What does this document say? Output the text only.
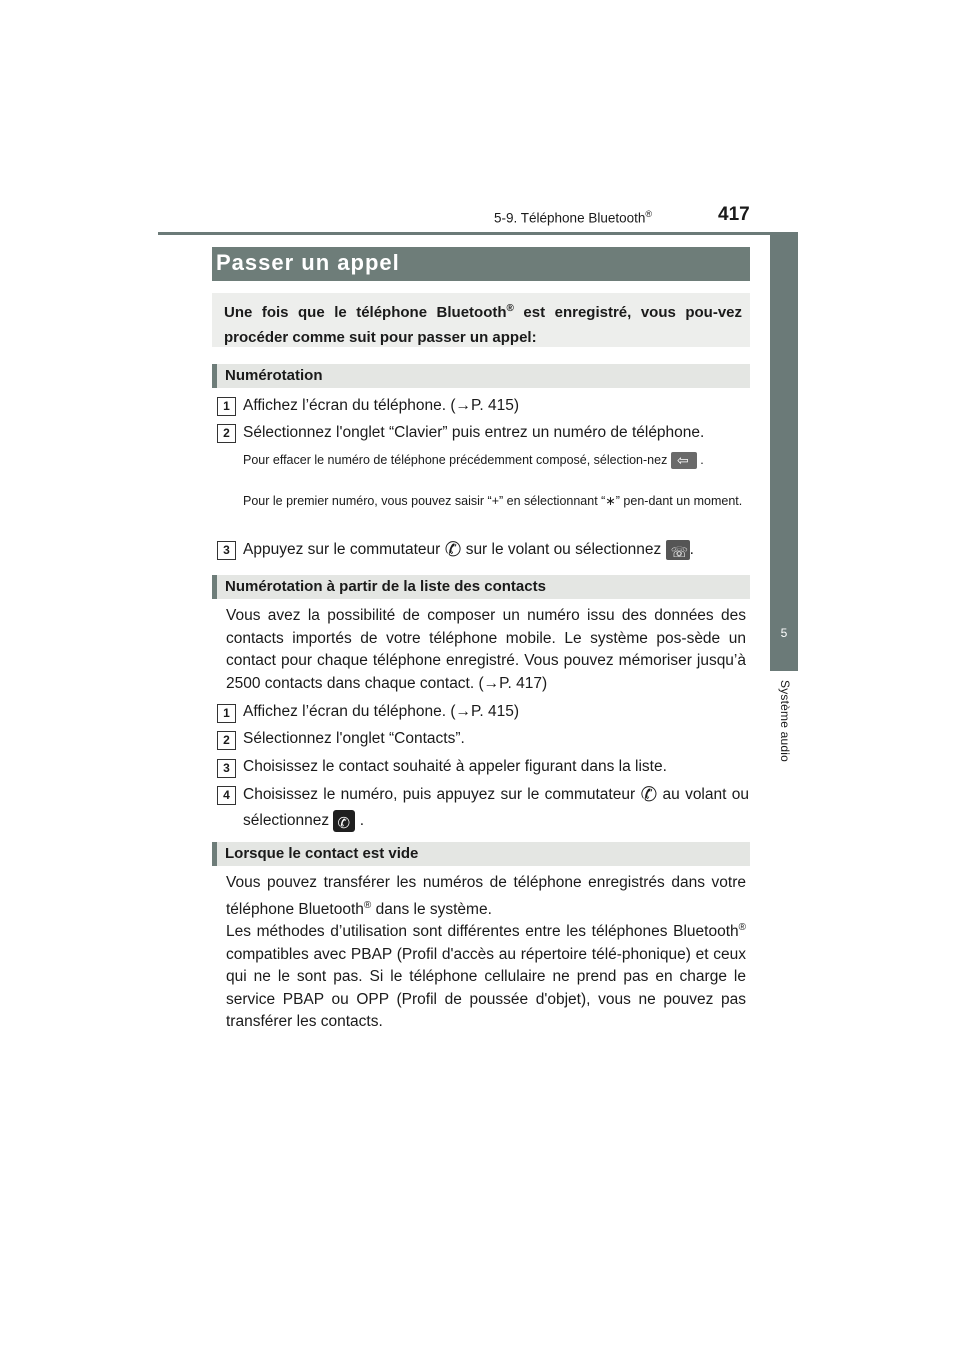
5-9. Téléphone Bluetooth®	417
5
Système audio
Passer un appel

Une fois que le téléphone Bluetooth® est enregistré, vous pou-vez procéder comme suit pour passer un appel:

Numérotation
1 Affichez l’écran du téléphone. (→P. 415)

2 Sélectionnez l'onglet “Clavier” puis entrez un numéro de téléphone.

Pour effacer le numéro de téléphone précédemment composé, sélection-nez ⇦	.

Pour le premier numéro, vous pouvez saisir “+” en sélectionnant “∗” pen-dant un moment.

3 Appuyez sur le commutateur ✆ sur le volant ou sélectionnez ☏ .

Numérotation à partir de la liste des contacts

Vous avez la possibilité de composer un numéro issu des données des contacts importés de votre téléphone mobile. Le système pos-sède un contact pour chaque téléphone enregistré. Vous pouvez mémoriser jusqu’à 2500 contacts dans chaque contact. (→P. 417)

1 Affichez l’écran du téléphone. (→P. 415)

2 Sélectionnez l'onglet “Contacts”.

3 Choisissez le contact souhaité à appeler figurant dans la liste.

4 Choisissez le numéro, puis appuyez sur le commutateur ✆ au volant ou sélectionnez ✆ .

Lorsque le contact est vide

Vous pouvez transférer les numéros de téléphone enregistrés dans votre téléphone Bluetooth® dans le système.

Les méthodes d’utilisation sont différentes entre les téléphones Bluetooth® compatibles avec PBAP (Profil d'accès au répertoire télé-phonique) et ceux qui ne le sont pas. Si le téléphone cellulaire ne prend pas en charge le service PBAP ou OPP (Profil de poussée d'objet), vous ne pouvez pas transférer les contacts.
